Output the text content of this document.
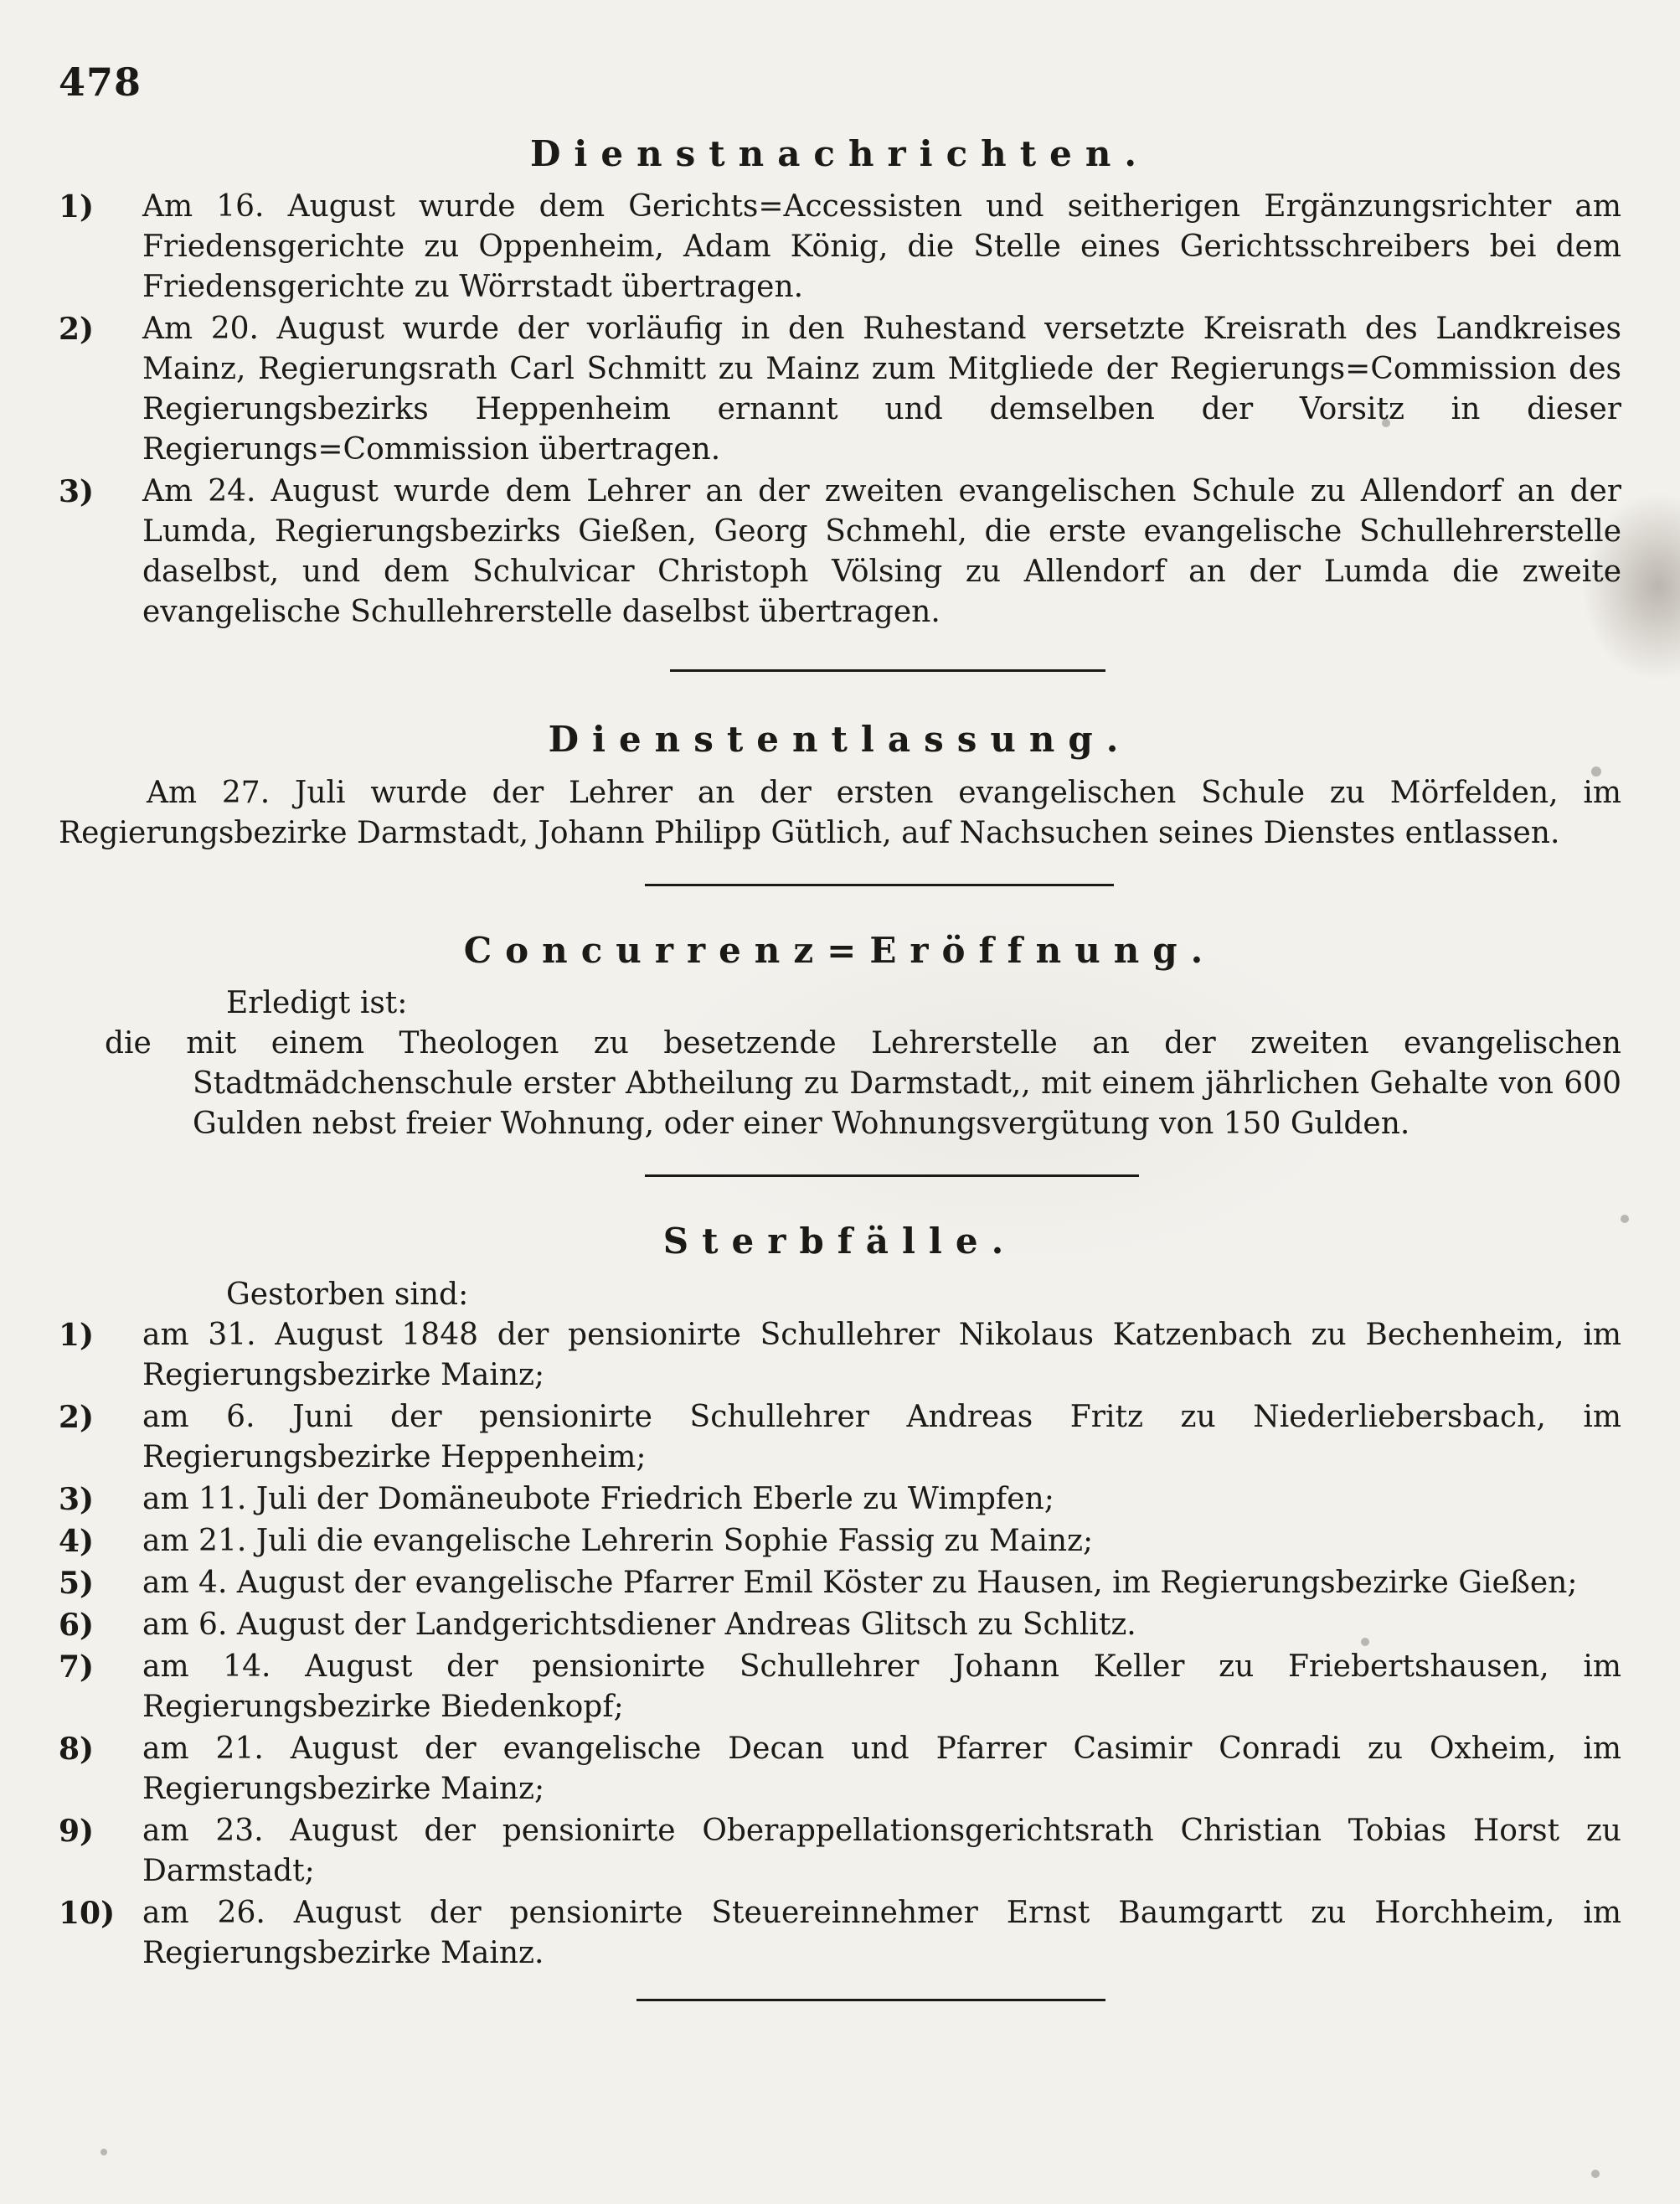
478
Dienstnachrichten.
1)	Am 16. August wurde dem Gerichts=Accessisten und seitherigen Ergänzungsrichter am Friedensgerichte zu Oppenheim, Adam König, die Stelle eines Gerichtsschreibers bei dem Friedensgerichte zu Wörrstadt übertragen.
2)	Am 20. August wurde der vorläufig in den Ruhestand versetzte Kreisrath des Landkreises Mainz, Regierungsrath Carl Schmitt zu Mainz zum Mitgliede der Regierungs=Commission des Regierungsbezirks Heppenheim ernannt und demselben der Vorsitz in dieser Regierungs=Commission übertragen.
3)	Am 24. August wurde dem Lehrer an der zweiten evangelischen Schule zu Allendorf an der Lumda, Regierungsbezirks Gießen, Georg Schmehl, die erste evangelische Schullehrerstelle daselbst, und dem Schulvicar Christoph Völsing zu Allendorf an der Lumda die zweite evangelische Schullehrerstelle daselbst übertragen.
Dienstentlassung.

Am 27. Juli wurde der Lehrer an der ersten evangelischen Schule zu Mörfelden, im Regierungsbezirke Darmstadt, Johann Philipp Gütlich, auf Nachsuchen seines Dienstes entlassen.

Concurrenz=Eröffnung.

Erledigt ist:

die mit einem Theologen zu besetzende Lehrerstelle an der zweiten evangelischen Stadtmädchenschule erster Abtheilung zu Darmstadt,, mit einem jährlichen Gehalte von 600 Gulden nebst freier Wohnung, oder einer Wohnungsvergütung von 150 Gulden.

Sterbfälle.

Gestorben sind:

1)	am 31. August 1848 der pensionirte Schullehrer Nikolaus Katzenbach zu Bechenheim, im Regierungsbezirke Mainz;
2)	am 6. Juni der pensionirte Schullehrer Andreas Fritz zu Niederliebersbach, im Regierungsbezirke Heppenheim;
3)	am 11. Juli der Domäneubote Friedrich Eberle zu Wimpfen;
4)	am 21. Juli die evangelische Lehrerin Sophie Fassig zu Mainz;
5)	am 4. August der evangelische Pfarrer Emil Köster zu Hausen, im Regierungsbezirke Gießen;
6)	am 6. August der Landgerichtsdiener Andreas Glitsch zu Schlitz.
7)	am 14. August der pensionirte Schullehrer Johann Keller zu Friebertshausen, im Regierungsbezirke Biedenkopf;
8)	am 21. August der evangelische Decan und Pfarrer Casimir Conradi zu Oxheim, im Regierungsbezirke Mainz;
9)	am 23. August der pensionirte Oberappellationsgerichtsrath Christian Tobias Horst zu Darmstadt;
10) am 26. August der pensionirte Steuereinnehmer Ernst Baumgartt zu Horchheim, im Regierungsbezirke Mainz.
